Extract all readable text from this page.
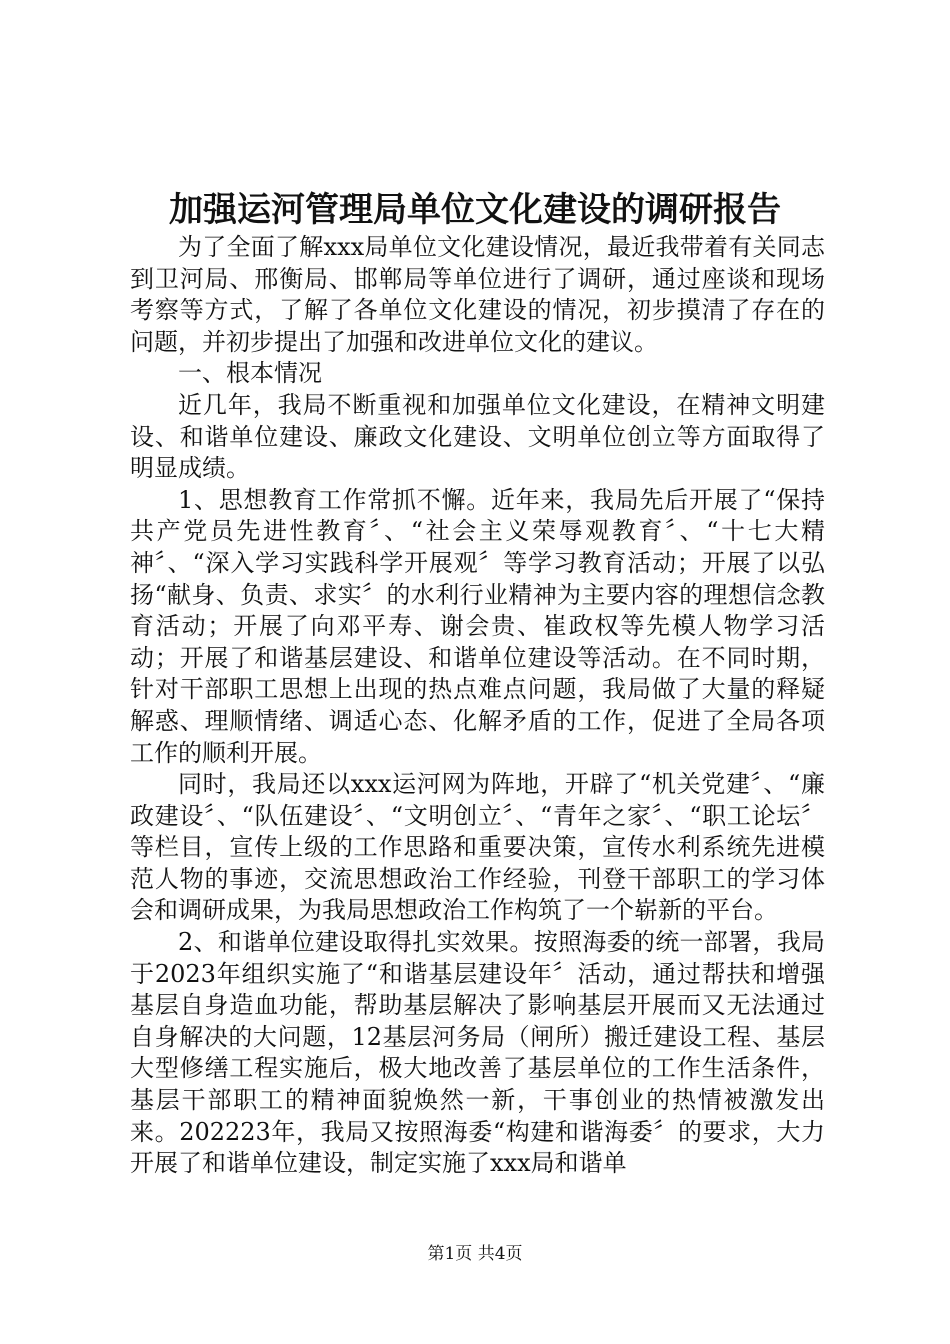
加强运河管理局单位文化建设的调研报告

为了全面了解xxx局单位文化建设情况，最近我带着有关同志到卫河局、邢衡局、邯郸局等单位进行了调研，通过座谈和现场考察等方式，了解了各单位文化建设的情况，初步摸清了存在的问题，并初步提出了加强和改进单位文化的建议。

一、根本情况

近几年，我局不断重视和加强单位文化建设，在精神文明建设、和谐单位建设、廉政文化建设、文明单位创立等方面取得了明显成绩。

1、思想教育工作常抓不懈。近年来，我局先后开展了“保持共产党员先进性教育〞、“社会主义荣辱观教育〞、“十七大精神〞、“深入学习实践科学开展观〞等学习教育活动；开展了以弘扬“献身、负责、求实〞的水利行业精神为主要内容的理想信念教育活动；开展了向邓平寿、谢会贵、崔政权等先模人物学习活动；开展了和谐基层建设、和谐单位建设等活动。在不同时期，针对干部职工思想上出现的热点难点问题，我局做了大量的释疑解惑、理顺情绪、调适心态、化解矛盾的工作，促进了全局各项工作的顺利开展。

同时，我局还以xxx运河网为阵地，开辟了“机关党建〞、“廉政建设〞、“队伍建设〞、“文明创立〞、“青年之家〞、“职工论坛〞等栏目，宣传上级的工作思路和重要决策，宣传水利系统先进模范人物的事迹，交流思想政治工作经验，刊登干部职工的学习体会和调研成果，为我局思想政治工作构筑了一个崭新的平台。

2、和谐单位建设取得扎实效果。按照海委的统一部署，我局于2023年组织实施了“和谐基层建设年〞活动，通过帮扶和增强基层自身造血功能，帮助基层解决了影响基层开展而又无法通过自身解决的大问题，12基层河务局（闸所）搬迁建设工程、基层大型修缮工程实施后，极大地改善了基层单位的工作生活条件，基层干部职工的精神面貌焕然一新，干事创业的热情被激发出来。202223年，我局又按照海委“构建和谐海委〞的要求，大力开展了和谐单位建设，制定实施了xxx局和谐单

第1页 共4页
